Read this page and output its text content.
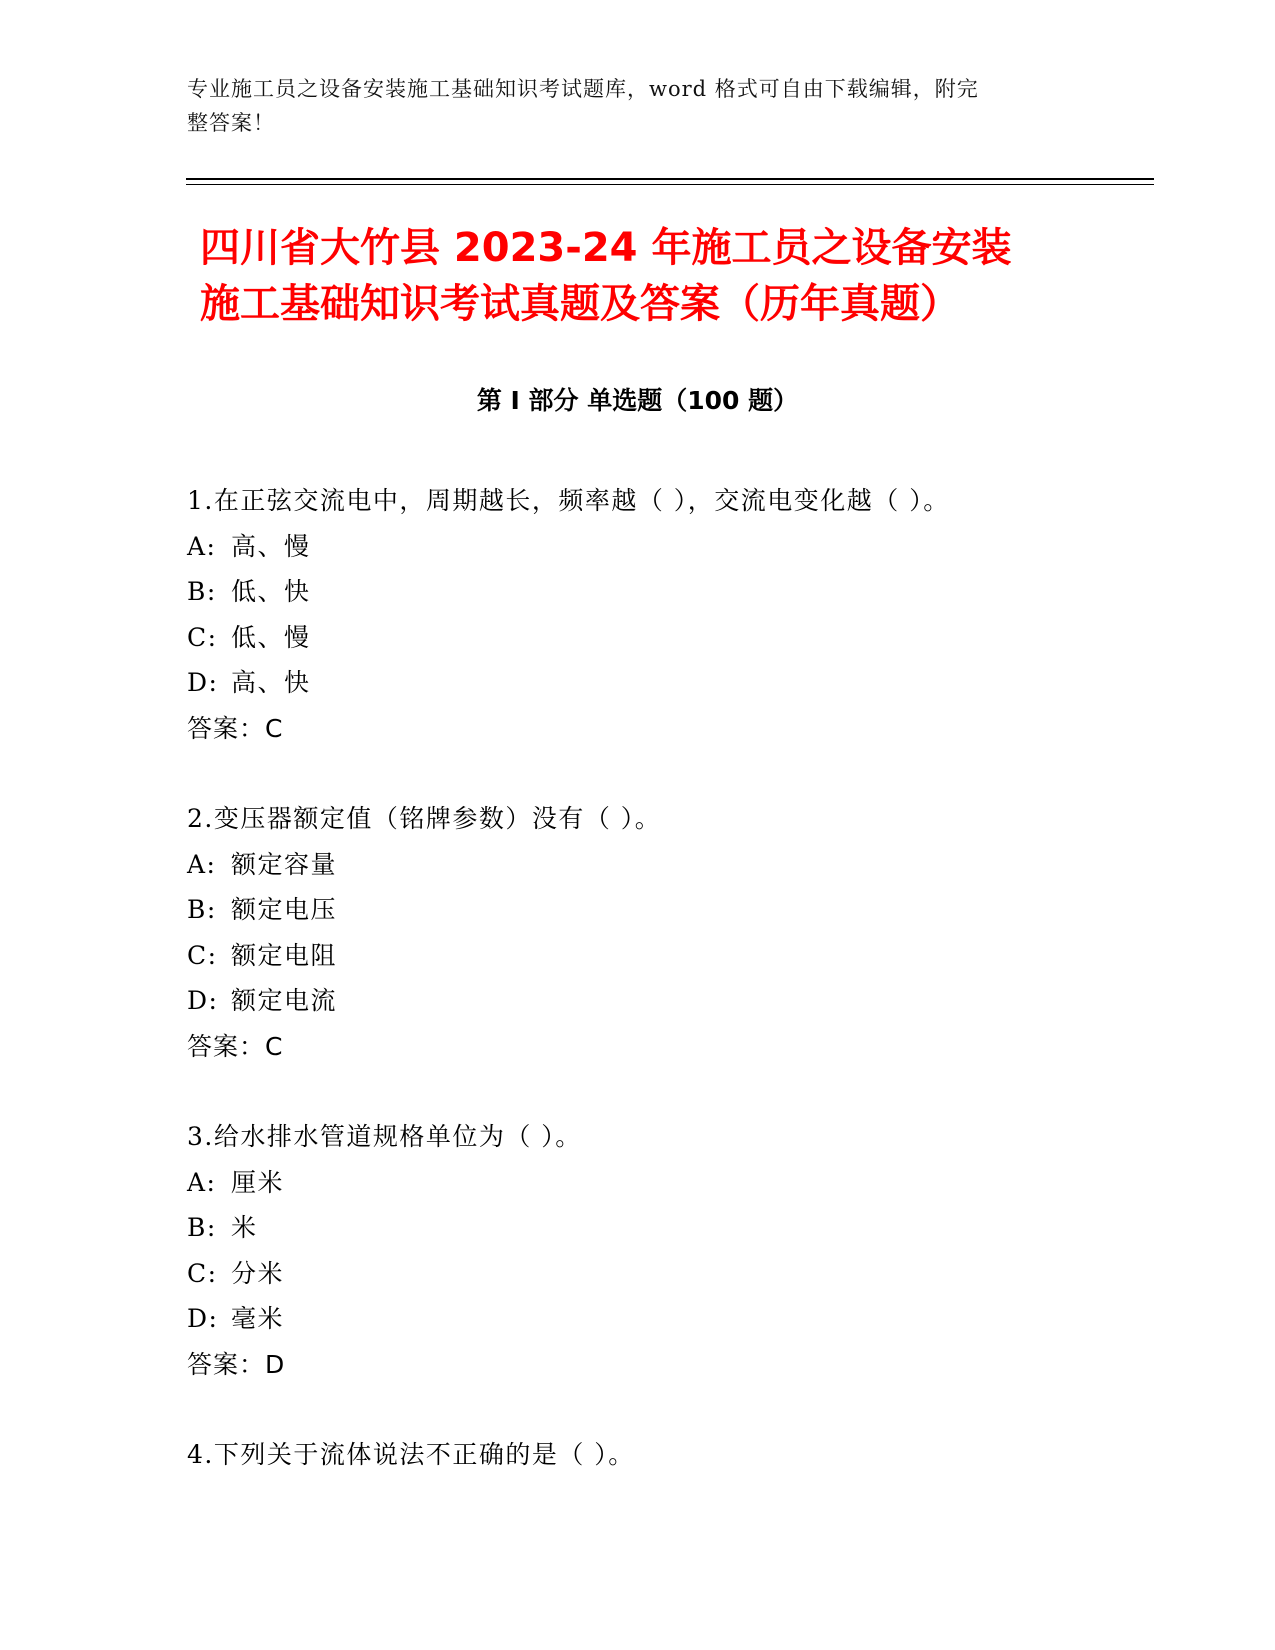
专业施工员之设备安装施工基础知识考试题库，word 格式可自由下载编辑，附完
整答案！
四川省大竹县 2023-24 年施工员之设备安装
施工基础知识考试真题及答案（历年真题）
第 I 部分 单选题（100 题）
1.在正弦交流电中，周期越长，频率越（ ），交流电变化越（ ）。
A: 高、慢
B: 低、快
C: 低、慢
D: 高、快
答案：C
2.变压器额定值（铭牌参数）没有（ ）。
A: 额定容量
B: 额定电压
C: 额定电阻
D: 额定电流
答案：C
3.给水排水管道规格单位为（ ）。
A: 厘米
B: 米
C: 分米
D: 毫米
答案：D
4.下列关于流体说法不正确的是（ ）。
